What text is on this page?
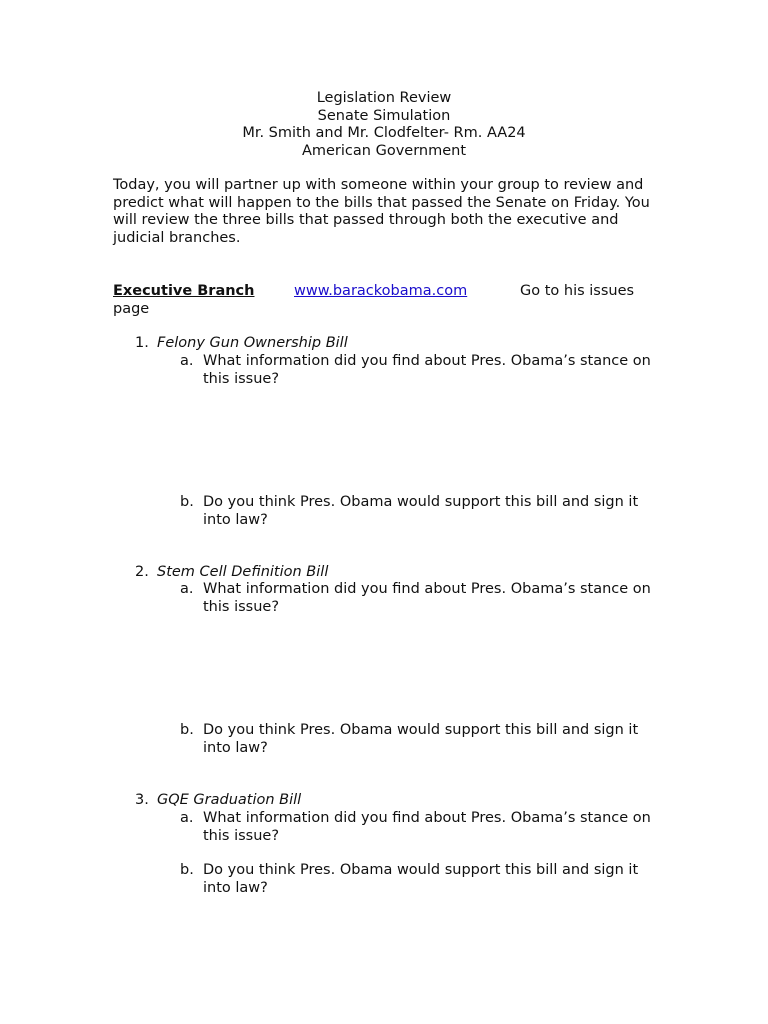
Legislation Review
Senate Simulation
Mr. Smith and Mr. Clodfelter- Rm. AA24
American Government
Today, you will partner up with someone within your group to review and predict what will happen to the bills that passed the Senate on Friday. You will review the three bills that passed through both the executive and judicial branches.
Executive Branch	www.barackobama.com	Go to his issues
page
1. Felony Gun Ownership Bill
a. What information did you find about Pres. Obama’s stance on this issue?
b. Do you think Pres. Obama would support this bill and sign it into law?
2. Stem Cell Definition Bill
a. What information did you find about Pres. Obama’s stance on this issue?
b. Do you think Pres. Obama would support this bill and sign it into law?
3. GQE Graduation Bill
a. What information did you find about Pres. Obama’s stance on this issue?
b. Do you think Pres. Obama would support this bill and sign it into law?
